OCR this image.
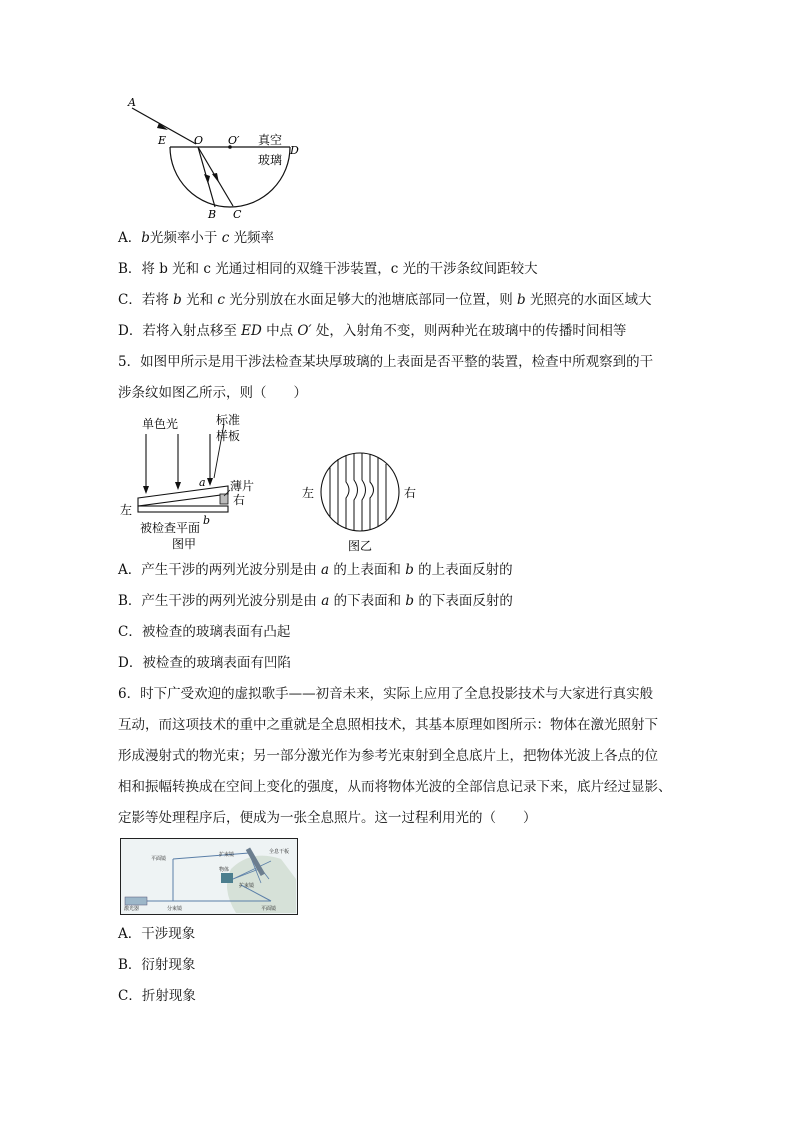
A
E	O O′
D
B C
真空
玻璃
A．b光频率小于 c 光频率
B．将 b 光和 c 光通过相同的双缝干涉装置，c 光的干涉条纹间距较大
C．若将 b 光和 c 光分别放在水面足够大的池塘底部同一位置，则 b 光照亮的水面区域大
D．若将入射点移至 ED 中点 O′ 处，入射角不变，则两种光在玻璃中的传播时间相等
5．如图甲所示是用干涉法检查某块厚玻璃的上表面是否平整的装置，检查中所观察到的干
涉条纹如图乙所示，则（　　）
单色光	标准
样板
薄片
右
左
a
b
被检查平面
图甲
左	右
图乙
A．产生干涉的两列光波分别是由 a 的上表面和 b 的上表面反射的
B．产生干涉的两列光波分别是由 a 的下表面和 b 的下表面反射的
C．被检查的玻璃表面有凸起
D．被检查的玻璃表面有凹陷
6．时下广受欢迎的虚拟歌手——初音未来，实际上应用了全息投影技术与大家进行真实般
互动，而这项技术的重中之重就是全息照相技术，其基本原理如图所示：物体在激光照射下
形成漫射式的物光束；另一部分激光作为参考光束射到全息底片上，把物体光波上各点的位
相和振幅转换成在空间上变化的强度，从而将物体光波的全部信息记录下来，底片经过显影、
定影等处理程序后，便成为一张全息照片。这一过程利用光的（　　）
平面镜
扩束镜	全息干板
物体
扩束镜
激光器	分束镜	平面镜
A．干涉现象
B．衍射现象
C．折射现象
